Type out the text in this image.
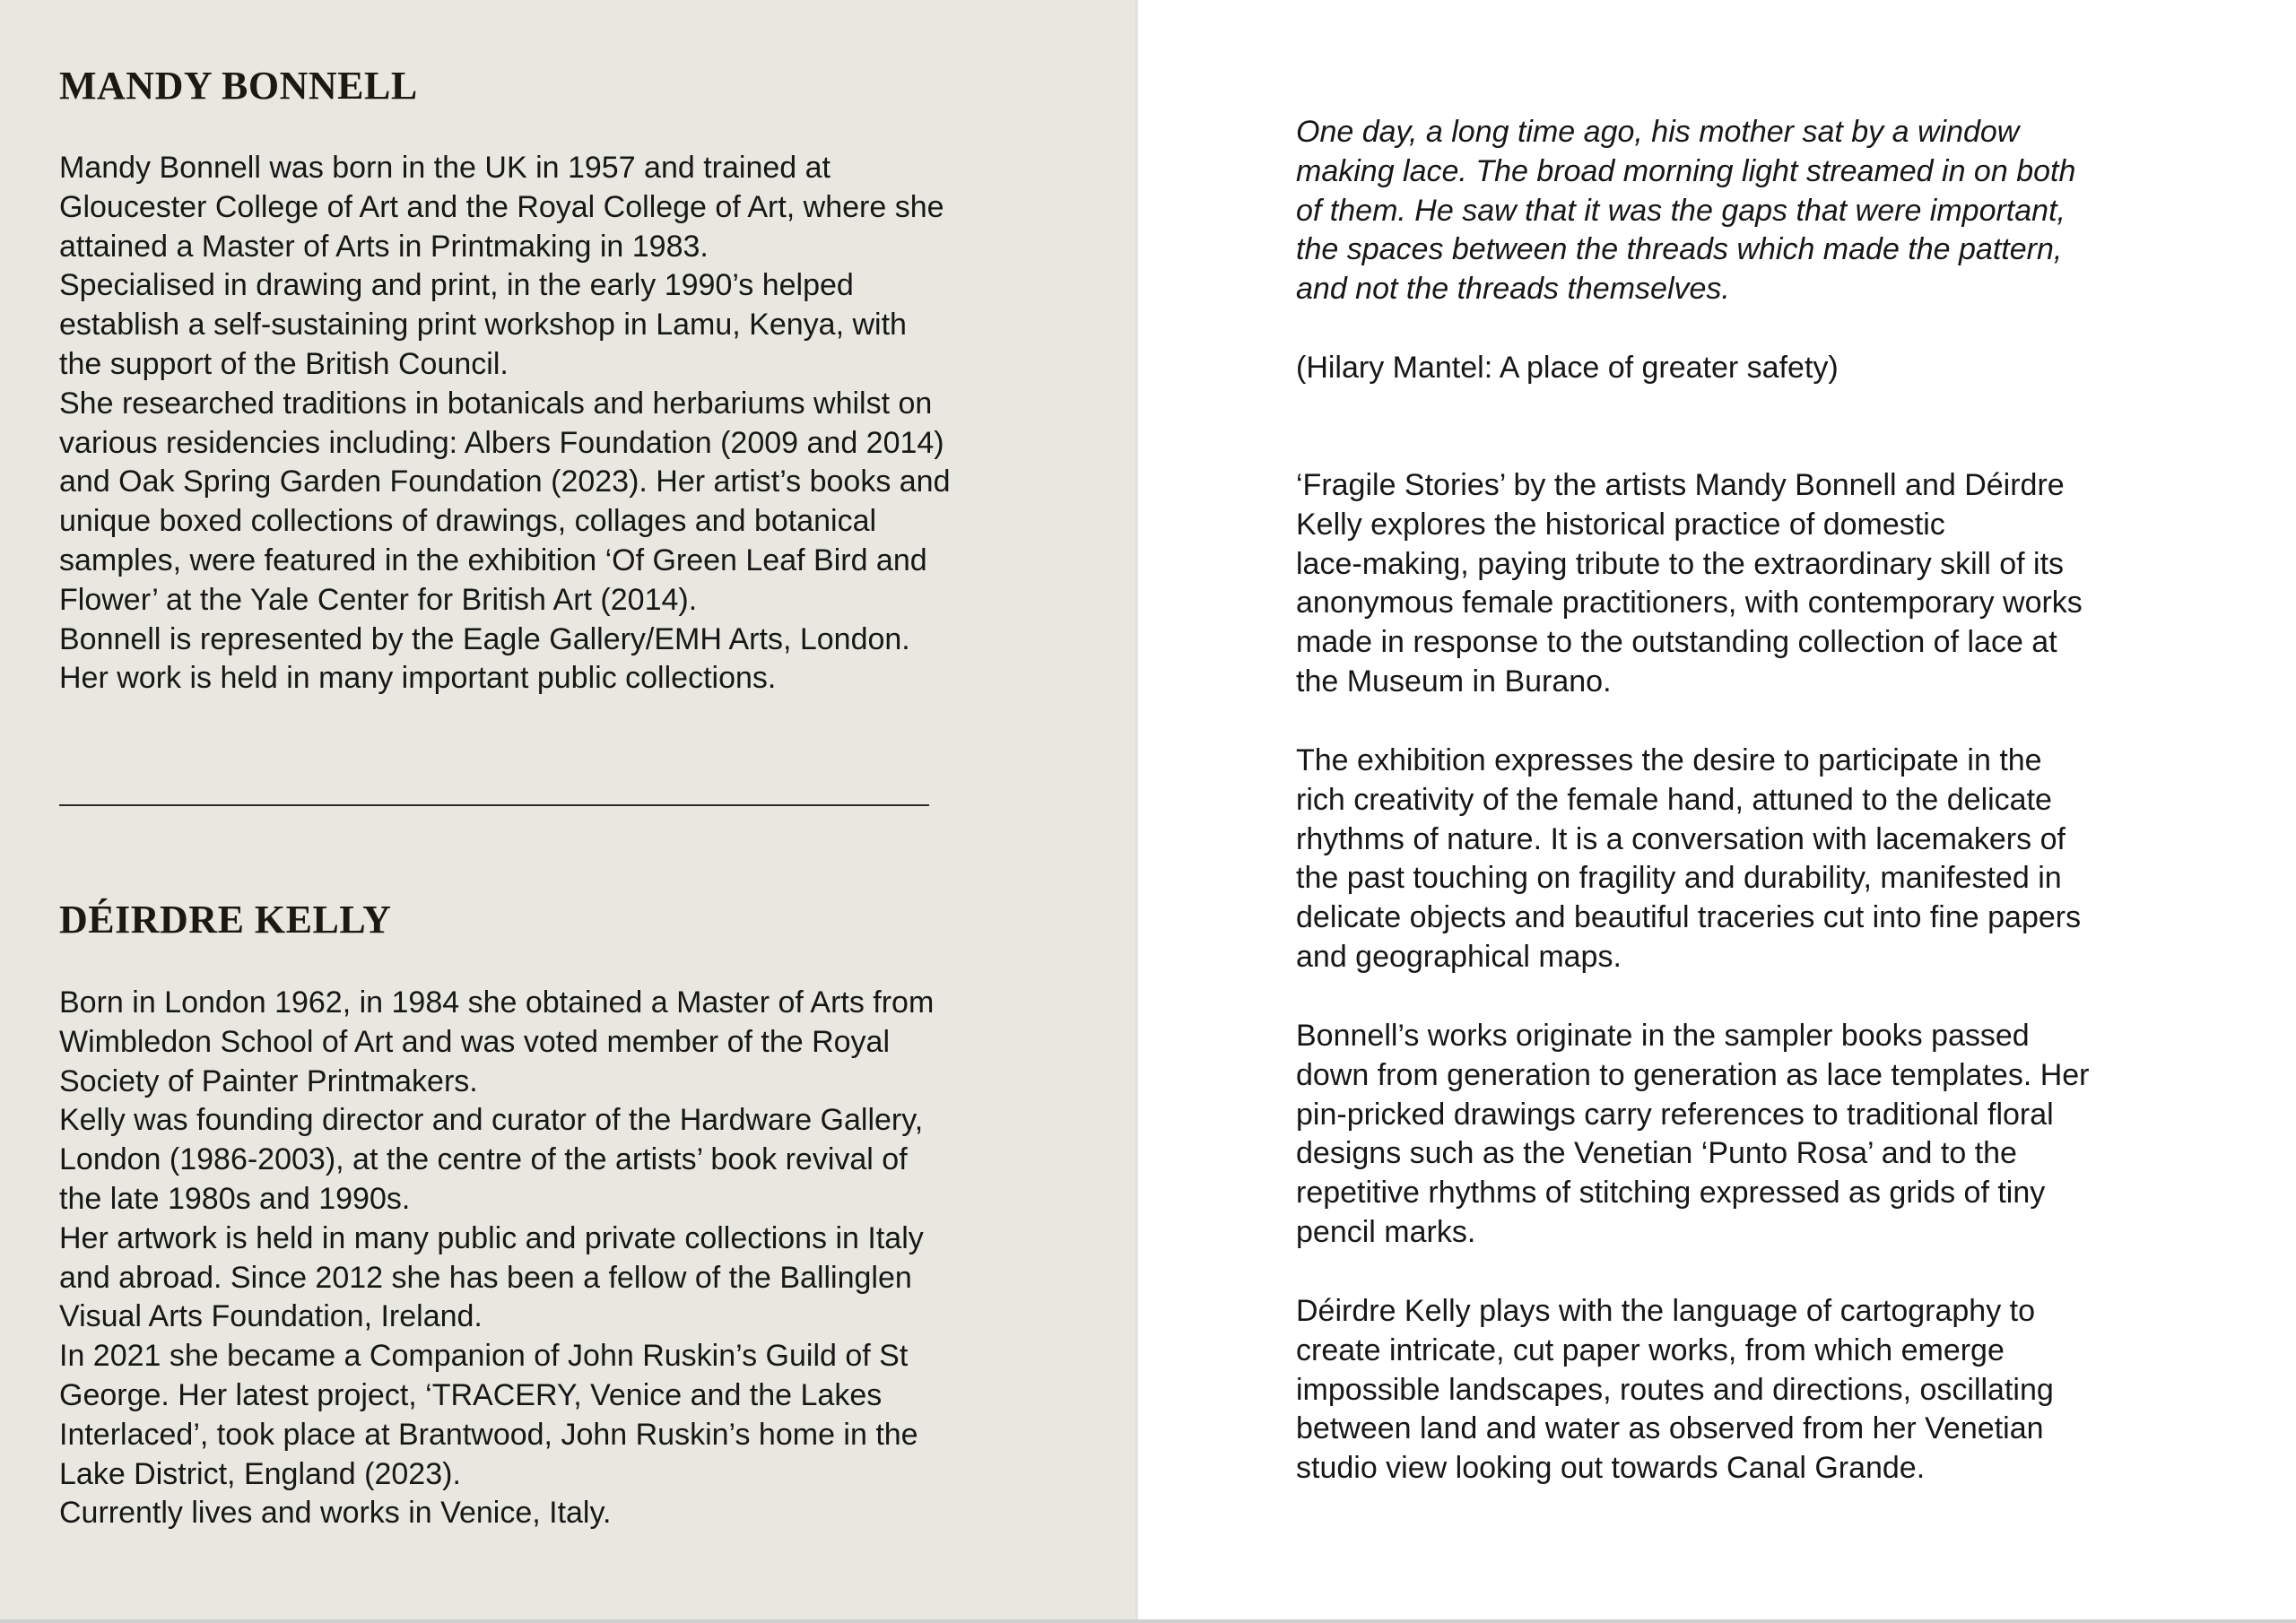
MANDY BONNELL

Mandy Bonnell was born in the UK in 1957 and trained at

Gloucester College of Art and the Royal College of Art, where she

attained a Master of Arts in Printmaking in 1983.

Specialised in drawing and print, in the early 1990’s helped

establish a self-sustaining print workshop in Lamu, Kenya, with

the support of the British Council.

She researched traditions in botanicals and herbariums whilst on

various residencies including: Albers Foundation (2009 and 2014)

and Oak Spring Garden Foundation (2023). Her artist’s books and

unique boxed collections of drawings, collages and botanical

samples, were featured in the exhibition ‘Of Green Leaf Bird and

Flower’ at the Yale Center for British Art (2014).

Bonnell is represented by the Eagle Gallery/EMH Arts, London.

Her work is held in many important public collections.

DÉIRDRE KELLY

Born in London 1962, in 1984 she obtained a Master of Arts from

Wimbledon School of Art and was voted member of the Royal

Society of Painter Printmakers.

Kelly was founding director and curator of the Hardware Gallery,

London (1986-2003), at the centre of the artists’ book revival of

the late 1980s and 1990s.

Her artwork is held in many public and private collections in Italy

and abroad. Since 2012 she has been a fellow of the Ballinglen

Visual Arts Foundation, Ireland.

In 2021 she became a Companion of John Ruskin’s Guild of St

George. Her latest project, ‘TRACERY, Venice and the Lakes

Interlaced’, took place at Brantwood, John Ruskin’s home in the

Lake District, England (2023).

Currently lives and works in Venice, Italy.

One day, a long time ago, his mother sat by a window

making lace. The broad morning light streamed in on both

of them. He saw that it was the gaps that were important,

the spaces between the threads which made the pattern,

and not the threads themselves.

(Hilary Mantel: A place of greater safety)

‘Fragile Stories’ by the artists Mandy Bonnell and Déirdre

Kelly explores the historical practice of domestic

lace-making, paying tribute to the extraordinary skill of its

anonymous female practitioners, with contemporary works

made in response to the outstanding collection of lace at

the Museum in Burano.

The exhibition expresses the desire to participate in the

rich creativity of the female hand, attuned to the delicate

rhythms of nature. It is a conversation with lacemakers of

the past touching on fragility and durability, manifested in

delicate objects and beautiful traceries cut into fine papers

and geographical maps.

Bonnell’s works originate in the sampler books passed

down from generation to generation as lace templates. Her

pin-pricked drawings carry references to traditional floral

designs such as the Venetian ‘Punto Rosa’ and to the

repetitive rhythms of stitching expressed as grids of tiny

pencil marks.

Déirdre Kelly plays with the language of cartography to

create intricate, cut paper works, from which emerge

impossible landscapes, routes and directions, oscillating

between land and water as observed from her Venetian

studio view looking out towards Canal Grande.
